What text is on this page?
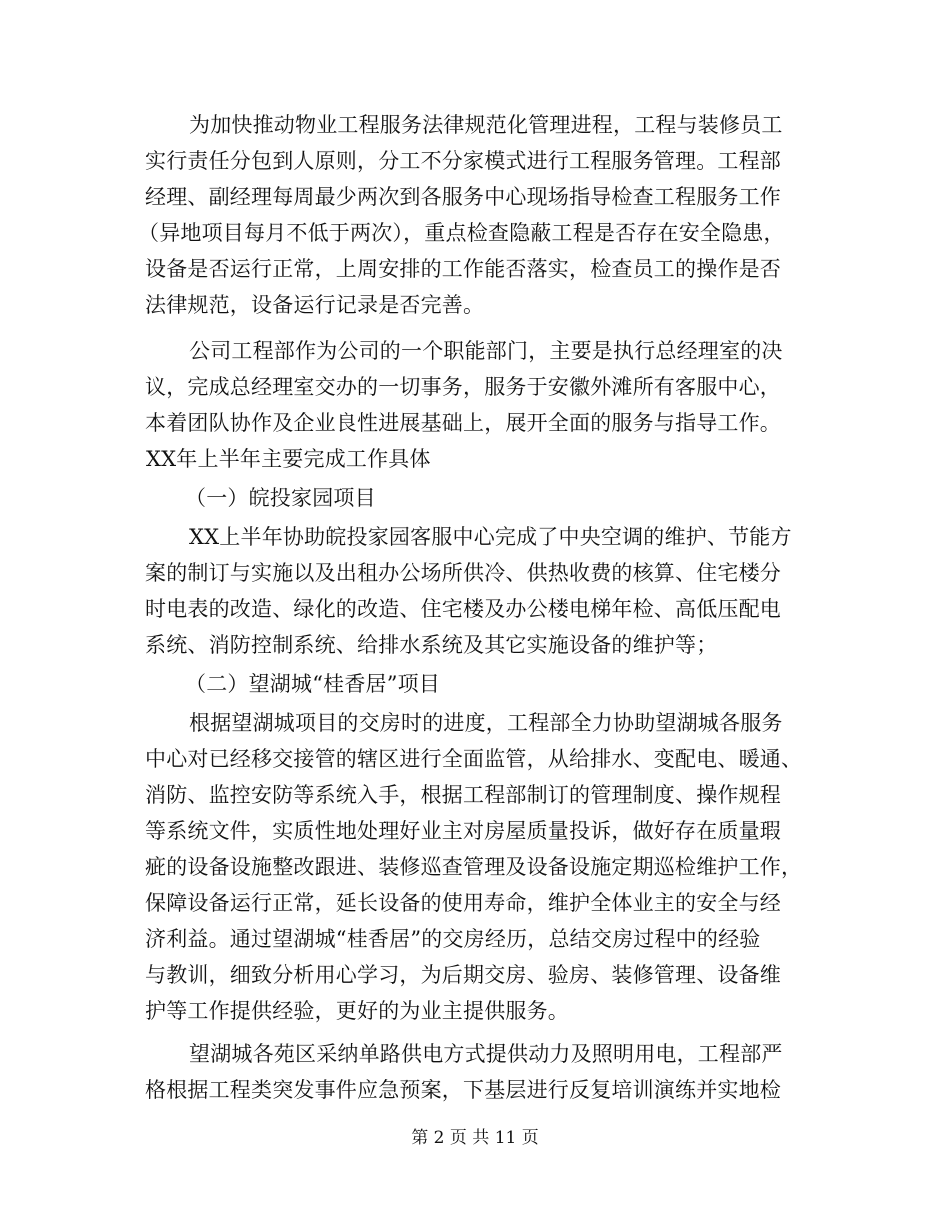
为加快推动物业工程服务法律规范化管理进程，工程与装修员工
实行责任分包到人原则，分工不分家模式进行工程服务管理。工程部
经理、副经理每周最少两次到各服务中心现场指导检查工程服务工作
（异地项目每月不低于两次），重点检查隐蔽工程是否存在安全隐患，
设备是否运行正常，上周安排的工作能否落实，检查员工的操作是否
法律规范，设备运行记录是否完善。
公司工程部作为公司的一个职能部门，主要是执行总经理室的决
议，完成总经理室交办的一切事务，服务于安徽外滩所有客服中心，
本着团队协作及企业良性进展基础上，展开全面的服务与指导工作。
XX年上半年主要完成工作具体
（一）皖投家园项目
XX上半年协助皖投家园客服中心完成了中央空调的维护、节能方
案的制订与实施以及出租办公场所供冷、供热收费的核算、住宅楼分
时电表的改造、绿化的改造、住宅楼及办公楼电梯年检、高低压配电
系统、消防控制系统、给排水系统及其它实施设备的维护等；
（二）望湖城“桂香居”项目
根据望湖城项目的交房时的进度，工程部全力协助望湖城各服务
中心对已经移交接管的辖区进行全面监管，从给排水、变配电、暖通、
消防、监控安防等系统入手，根据工程部制订的管理制度、操作规程
等系统文件，实质性地处理好业主对房屋质量投诉，做好存在质量瑕
疵的设备设施整改跟进、装修巡查管理及设备设施定期巡检维护工作，
保障设备运行正常，延长设备的使用寿命，维护全体业主的安全与经
济利益。通过望湖城“桂香居”的交房经历，总结交房过程中的经验
与教训，细致分析用心学习，为后期交房、验房、装修管理、设备维
护等工作提供经验，更好的为业主提供服务。
望湖城各苑区采纳单路供电方式提供动力及照明用电，工程部严
格根据工程类突发事件应急预案，下基层进行反复培训演练并实地检
第 2 页 共 11 页
